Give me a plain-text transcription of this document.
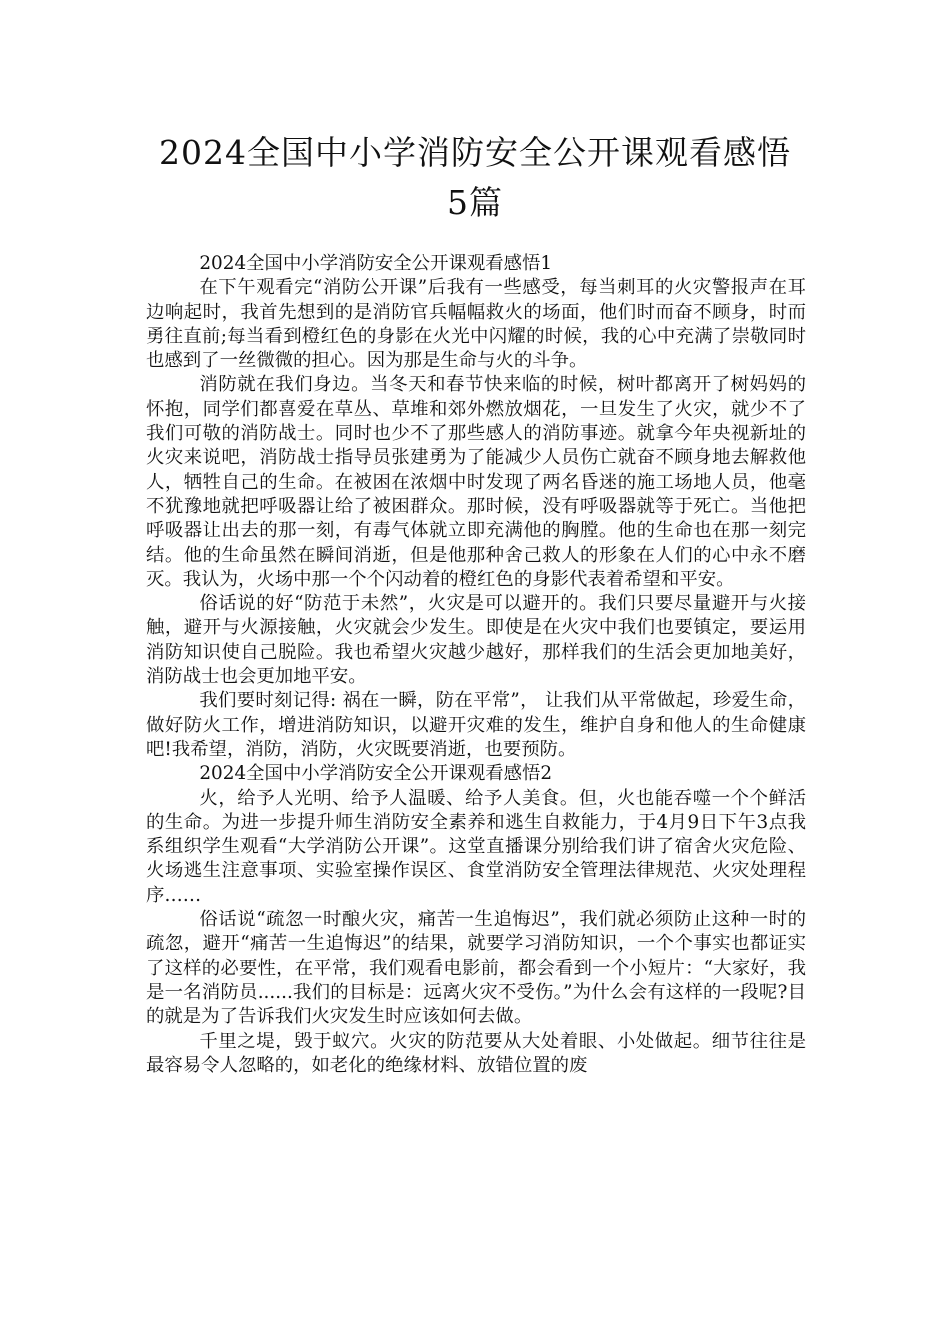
2024全国中小学消防安全公开课观看感悟
5篇

2024全国中小学消防安全公开课观看感悟1

在下午观看完“消防公开课”后我有一些感受，每当刺耳的火灾警报声在耳边响起时，我首先想到的是消防官兵幅幅救火的场面，他们时而奋不顾身，时而勇往直前;每当看到橙红色的身影在火光中闪耀的时候，我的心中充满了崇敬同时也感到了一丝微微的担心。因为那是生命与火的斗争。

消防就在我们身边。当冬天和春节快来临的时候，树叶都离开了树妈妈的怀抱，同学们都喜爱在草丛、草堆和郊外燃放烟花，一旦发生了火灾，就少不了我们可敬的消防战士。同时也少不了那些感人的消防事迹。就拿今年央视新址的火灾来说吧，消防战士指导员张建勇为了能减少人员伤亡就奋不顾身地去解救他人，牺牲自己的生命。在被困在浓烟中时发现了两名昏迷的施工场地人员，他毫不犹豫地就把呼吸器让给了被困群众。那时候，没有呼吸器就等于死亡。当他把呼吸器让出去的那一刻，有毒气体就立即充满他的胸膛。他的生命也在那一刻完结。他的生命虽然在瞬间消逝，但是他那种舍己救人的形象在人们的心中永不磨灭。我认为，火场中那一个个闪动着的橙红色的身影代表着希望和平安。

俗话说的好“防范于未然”，火灾是可以避开的。我们只要尽量避开与火接触，避开与火源接触，火灾就会少发生。即使是在火灾中我们也要镇定，要运用消防知识使自己脱险。我也希望火灾越少越好，那样我们的生活会更加地美好，消防战士也会更加地平安。

我们要时刻记得: 祸在一瞬，防在平常”， 让我们从平常做起，珍爱生命，做好防火工作，增进消防知识，以避开灾难的发生，维护自身和他人的生命健康吧!我希望，消防，消防，火灾既要消逝，也要预防。

2024全国中小学消防安全公开课观看感悟2

火，给予人光明、给予人温暖、给予人美食。但，火也能吞噬一个个鲜活的生命。为进一步提升师生消防安全素养和逃生自救能力，于4月9日下午3点我系组织学生观看“大学消防公开课”。这堂直播课分别给我们讲了宿舍火灾危险、火场逃生注意事项、实验室操作误区、食堂消防安全管理法律规范、火灾处理程序……

俗话说“疏忽一时酿火灾，痛苦一生追悔迟”，我们就必须防止这种一时的疏忽，避开“痛苦一生追悔迟”的结果，就要学习消防知识，一个个事实也都证实了这样的必要性，在平常，我们观看电影前，都会看到一个小短片：“大家好，我是一名消防员......我们的目标是：远离火灾不受伤。”为什么会有这样的一段呢?目的就是为了告诉我们火灾发生时应该如何去做。

千里之堤，毁于蚁穴。火灾的防范要从大处着眼、小处做起。细节往往是最容易令人忽略的，如老化的绝缘材料、放错位置的废
